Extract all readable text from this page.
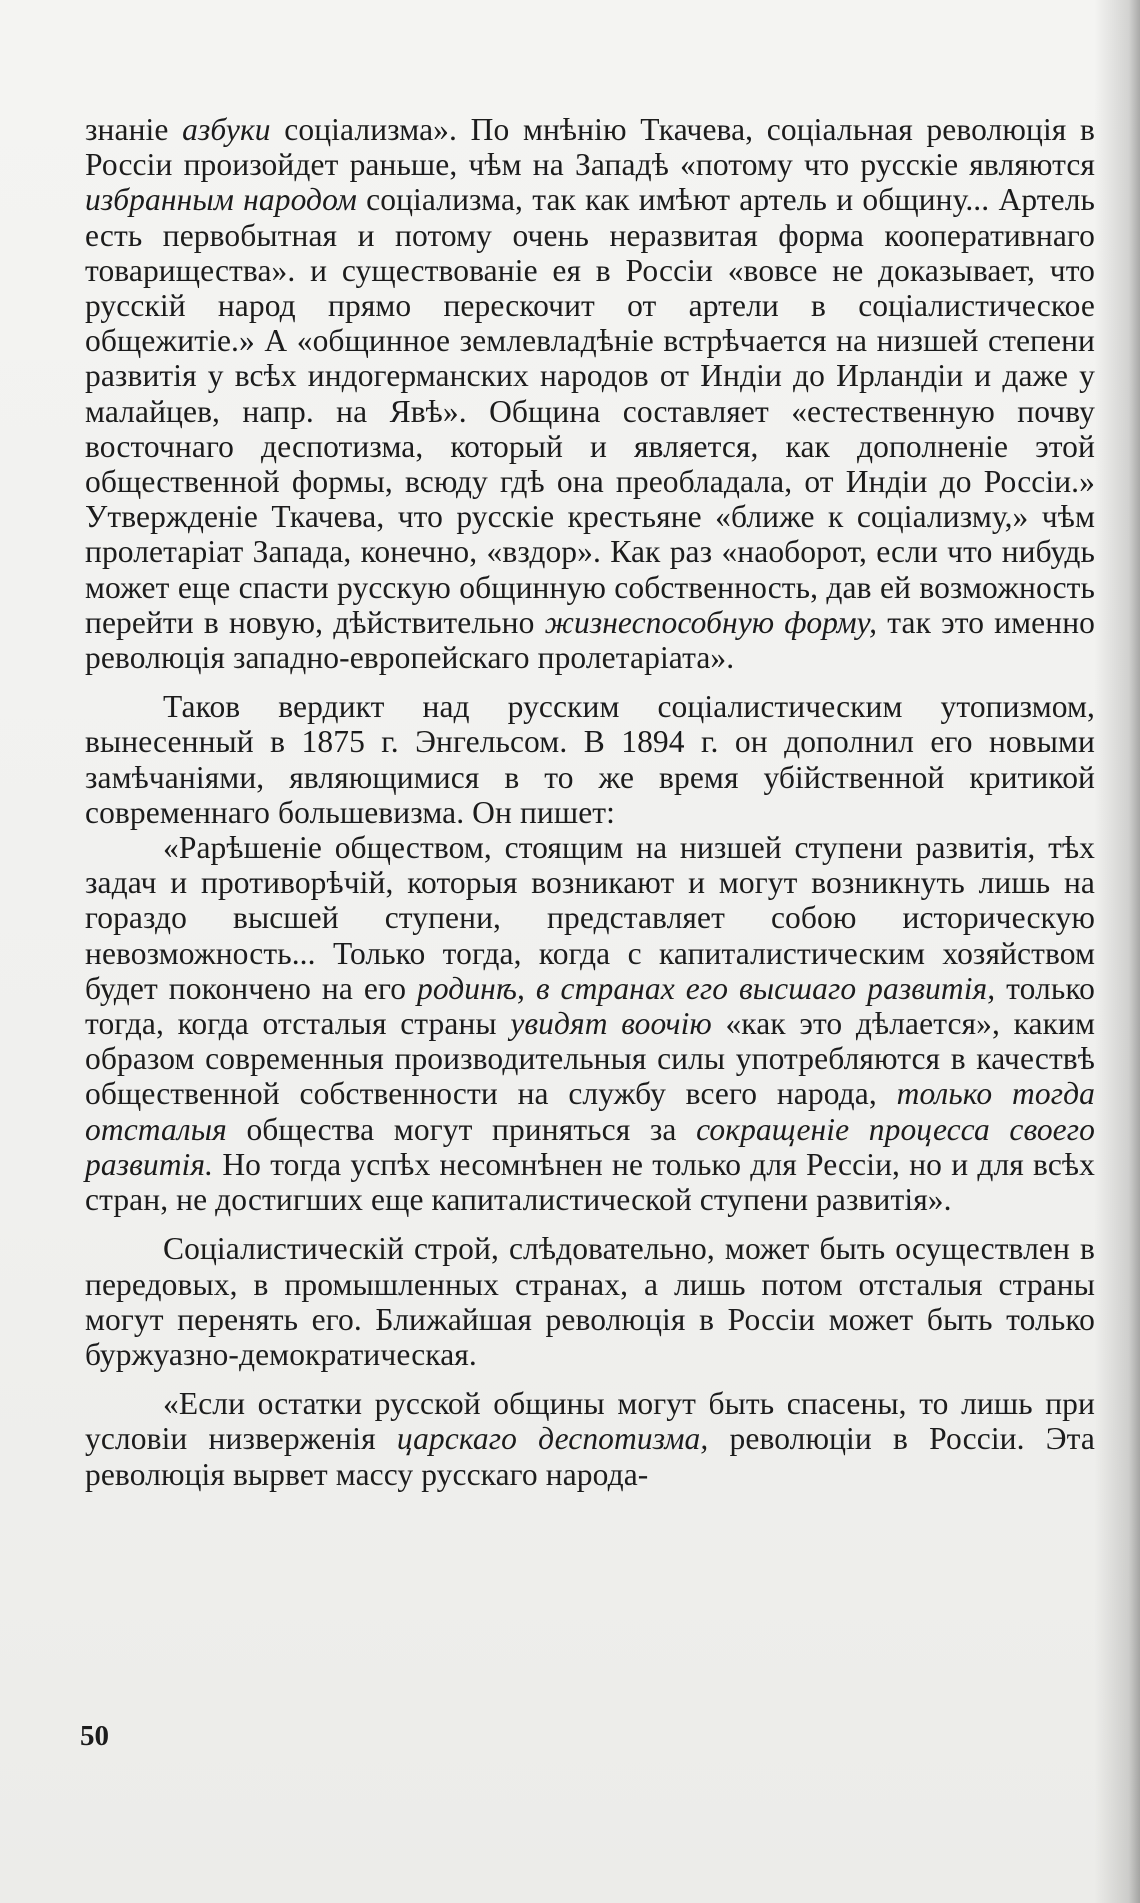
знаніе азбуки соціализма». По мнѣнію Ткачева, соціальная революція в Россіи произойдет раньше, чѣм на Западѣ «потому что русскіе являются избранным народом соціализма, так как имѣют артель и общину... Артель есть первобытная и потому очень неразвитая форма кооперативнаго товарищества». и существованіе ея в Россіи «вовсе не доказывает, что русскій народ прямо перескочит от артели в соціалистическое общежитіе.» А «общинное землевладѣніе встрѣчается на низшей степени развитія у всѣх индогерманских народов от Индіи до Ирландіи и даже у малайцев, напр. на Явѣ». Община составляет «естественную почву восточнаго деспотизма, который и является, как дополненіе этой общественной формы, всюду гдѣ она преобладала, от Индіи до Россіи.» Утвержденіе Ткачева, что русскіе крестьяне «ближе к соціализму,» чѣм пролетаріат Запада, конечно, «вздор». Как раз «наоборот, если что нибудь может еще спасти русскую общинную собственность, дав ей возможность перейти в новую, дѣйствительно жизнеспособную форму, так это именно революція западно-европейскаго пролетаріата».

Таков вердикт над русским соціалистическим утопизмом, вынесенный в 1875 г. Энгельсом. В 1894 г. он дополнил его новыми замѣчаніями, являющимися в то же время убійственной критикой современнаго большевизма. Он пишет:

«Рарѣшеніе обществом, стоящим на низшей ступени развитія, тѣх задач и противорѣчій, которыя возникают и могут возникнуть лишь на гораздо высшей ступени, представляет собою историческую невозможность... Только тогда, когда с капиталистическим хозяйством будет покончено на его родинѣ, в странах его высшаго развитія, только тогда, когда отсталыя страны увидят воочію «как это дѣлается», каким образом современныя производительныя силы употребляются в качествѣ общественной собственности на службу всего народа, только тогда отсталыя общества могут приняться за сокращеніе процесса своего развитія. Но тогда успѣх несомнѣнен не только для Ресcіи, но и для всѣх стран, не достигших еще капиталистической ступени развитія».

Соціалистическій строй, слѣдовательно, может быть осуществлен в передовых, в промышленных странах, а лишь потом отсталыя страны могут перенять его. Ближайшая революція в Россіи может быть только буржуазно-демократическая.

«Если остатки русской общины могут быть спасены, то лишь при условіи низверженія царскаго деспотизма, революціи в Россіи. Эта революція вырвет массу русскаго народа-

50
